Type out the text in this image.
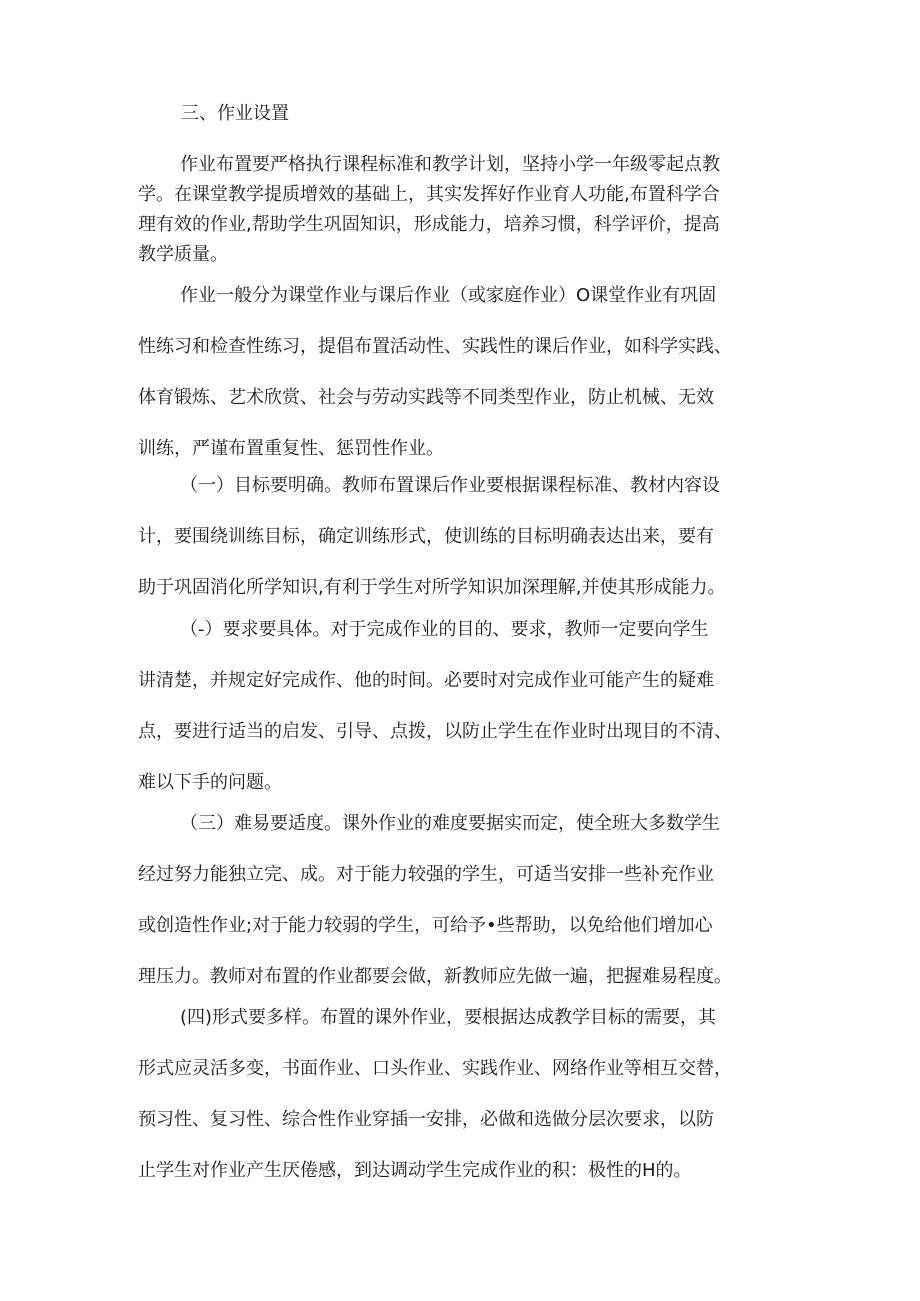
三、作业设置

作业布置要严格执行课程标准和教学计划，坚持小学一年级零起点教
学。在课堂教学提质增效的基础上，其实发挥好作业育人功能,布置科学合
理有效的作业,帮助学生巩固知识，形成能力，培养习惯，科学评价，提高
教学质量。

作业一般分为课堂作业与课后作业（或家庭作业）O课堂作业有巩固
性练习和检查性练习，提倡布置活动性、实践性的课后作业，如科学实践、
体育锻炼、艺术欣赏、社会与劳动实践等不同类型作业，防止机械、无效
训练，严谨布置重复性、惩罚性作业。

（一）目标要明确。教师布置课后作业要根据课程标准、教材内容设
计，要围绕训练目标，确定训练形式，使训练的目标明确表达出来，要有
助于巩固消化所学知识,有利于学生对所学知识加深理解,并使其形成能力。

（-）要求要具体。对于完成作业的目的、要求，教师一定要向学生
讲清楚，并规定好完成作、他的时间。必要时对完成作业可能产生的疑难
点，要进行适当的启发、引导、点拨，以防止学生在作业时出现目的不清、
难以下手的问题。

（三）难易要适度。课外作业的难度要据实而定，使全班大多数学生
经过努力能独立完、成。对于能力较强的学生，可适当安排一些补充作业
或创造性作业;对于能力较弱的学生，可给予•些帮助，以免给他们增加心
理压力。教师对布置的作业都要会做，新教师应先做一遍，把握难易程度。

(四)形式要多样。布置的课外作业，要根据达成教学目标的需要，其
形式应灵活多变，书面作业、口头作业、实践作业、网络作业等相互交替，
预习性、复习性、综合性作业穿插一安排，必做和选做分层次要求，以防
止学生对作业产生厌倦感，到达调动学生完成作业的积：极性的H的。
